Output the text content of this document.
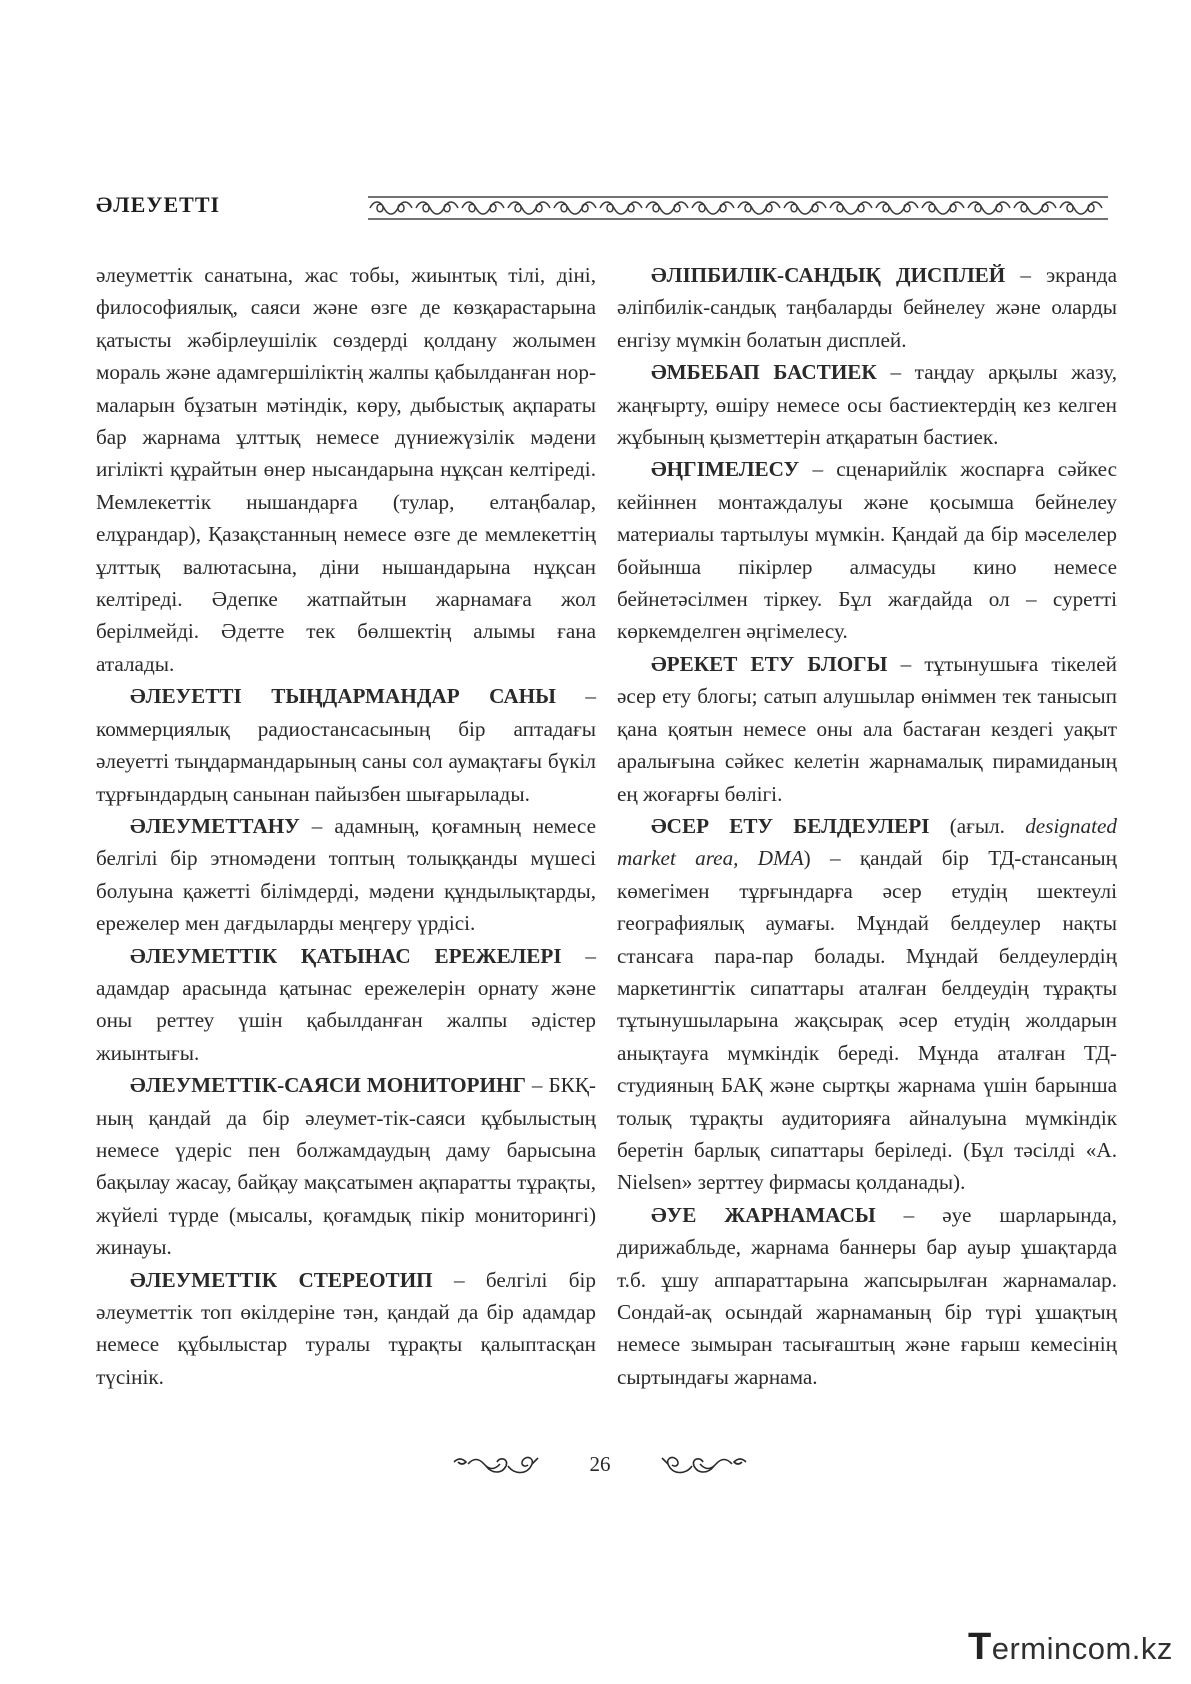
ӘЛЕУЕТТІ

әлеуметтік санатына, жас тобы, жиынтық тілі, діні, философиялық, саяси және өзге де көзқарастарына қатысты жәбірлеушілік сөздерді қолдану жолымен мораль және адамгершіліктің жалпы қабылданған нормаларын бұзатын мәтіндік, көру, дыбыстық ақпараты бар жарнама ұлттық немесе дүниежүзілік мәдени игілікті құрайтын өнер нысандарына нұқсан келтіреді. Мемлекеттік нышандарға (тулар, елтаңбалар, елұрандар), Қазақстанның немесе өзге де мемлекеттің ұлттық валютасына, діни нышандарына нұқсан келтіреді. Әдепке жатпайтын жарнамаға жол берілмейді. Әдетте тек бөлшектің алымы ғана аталады.

ӘЛЕУЕТТІ ТЫҢДАРМАНДАР САНЫ – коммерциялық радиостансасының бір аптадағы әлеуетті тыңдармандарының саны сол аумақтағы бүкіл тұрғындардың санынан пайызбен шығарылады.

ӘЛЕУМЕТТАНУ – адамның, қоғамның немесе белгілі бір этномәдени топтың толыққанды мүшесі болуына қажетті білімдерді, мәдени құндылықтарды, ережелер мен дағдыларды меңгеру үрдісі.

ӘЛЕУМЕТТІК ҚАТЫНАС ЕРЕЖЕЛЕРІ – адамдар арасында қатынас ережелерін орнату және оны реттеу үшін қабылданған жалпы әдістер жиынтығы.

ӘЛЕУМЕТТІК-САЯСИ МОНИТОРИНГ – БКҚ-ның қандай да бір әлеумет-тік-саяси құбылыстың немесе үдеріс пен болжамдаудың даму барысына бақылау жасау, байқау мақсатымен ақпаратты тұрақты, жүйелі түрде (мысалы, қоғамдық пікір мониторингі) жинауы.

ӘЛЕУМЕТТІК СТЕРЕОТИП – белгілі бір әлеуметтік топ өкілдеріне тән, қандай да бір адамдар немесе құбылыстар туралы тұрақты қалыптасқан түсінік.

ӘЛІПБИЛІК-САНДЫҚ ДИСПЛЕЙ – экранда әліпбилік-сандық таңбаларды бейнелеу және оларды енгізу мүмкін болатын дисплей.

ӘМБЕБАП БАСТИЕК – таңдау арқылы жазу, жаңғырту, өшіру немесе осы бастиектердің кез келген жұбының қызметтерін атқаратын бастиек.

ӘҢГІМЕЛЕСУ – сценарийлік жоспарға сәйкес кейіннен монтаждалуы және қосымша бейнелеу материалы тартылуы мүмкін. Қандай да бір мәселелер бойынша пікірлер алмасуды кино немесе бейнетәсілмен тіркеу. Бұл жағдайда ол – суретті көркемделген әңгімелесу.

ӘРЕКЕТ ЕТУ БЛОГЫ – тұтынушыға тікелей әсер ету блогы; сатып алушылар өніммен тек танысып қана қоятын немесе оны ала бастаған кездегі уақыт аралығына сәйкес келетін жарнамалық пирамиданың ең жоғарғы бөлігі.

ӘСЕР ЕТУ БЕЛДЕУЛЕРІ (ағыл. designated market area, DMA) – қандай бір ТД-стансаның көмегімен тұрғындарға әсер етудің шектеулі географиялық аумағы. Мұндай белдеулер нақты стансаға пара-пар болады. Мұндай белдеулердің маркетингтік сипаттары аталған белдеудің тұрақты тұтынушыларына жақсырақ әсер етудің жолдарын анықтауға мүмкіндік береді. Мұнда аталған ТД-студияның БАҚ және сыртқы жарнама үшін барынша толық тұрақты аудиторияға айналуына мүмкіндік беретін барлық сипаттары беріледі. (Бұл тәсілді «А. Nielsen» зерттеу фирмасы қолданады).

ӘУЕ ЖАРНАМАСЫ – әуе шарларында, дирижабльде, жарнама баннеры бар ауыр ұшақтарда т.б. ұшу аппараттарына жапсырылған жарнамалар. Сондай-ақ осындай жарнаманың бір түрі ұшақтың немесе зымыран тасығаштың және ғарыш кемесінің сыртындағы жарнама.

26
Termincom.kz
